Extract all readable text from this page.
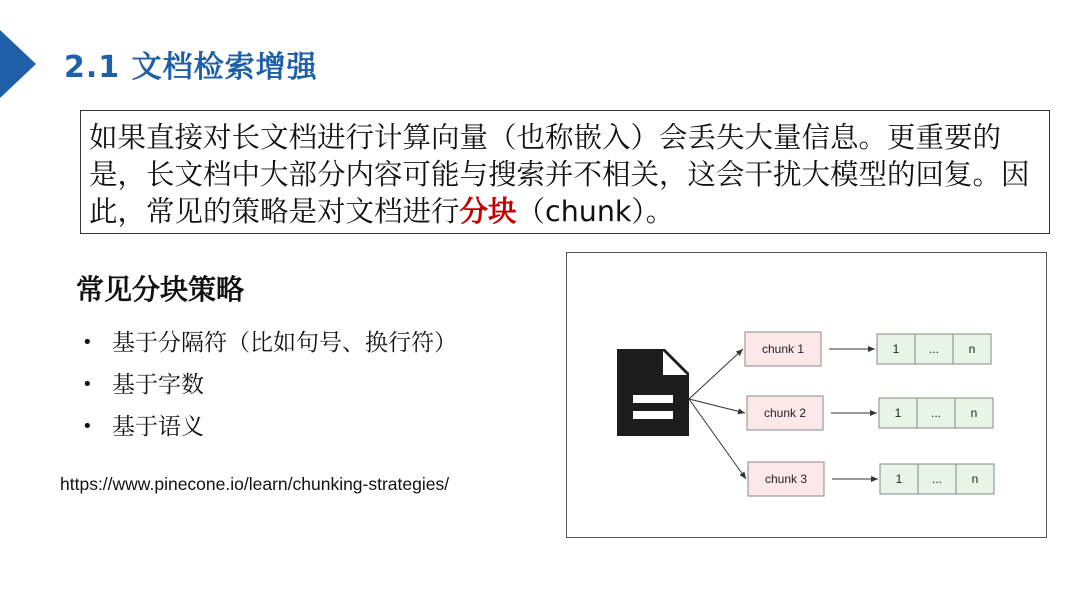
2.1 文档检索增强
如果直接对长文档进行计算向量（也称嵌入）会丢失大量信息。更重要的是，长文档中大部分内容可能与搜索并不相关，这会干扰大模型的回复。因此，常见的策略是对文档进行分块（chunk）。
常见分块策略
• 基于分隔符（比如句号、换行符）
• 基于字数
• 基于语义
https://www.pinecone.io/learn/chunking-strategies/
chunk 1	1 ... n
chunk 2	1 ... n
chunk 3	1 ... n
